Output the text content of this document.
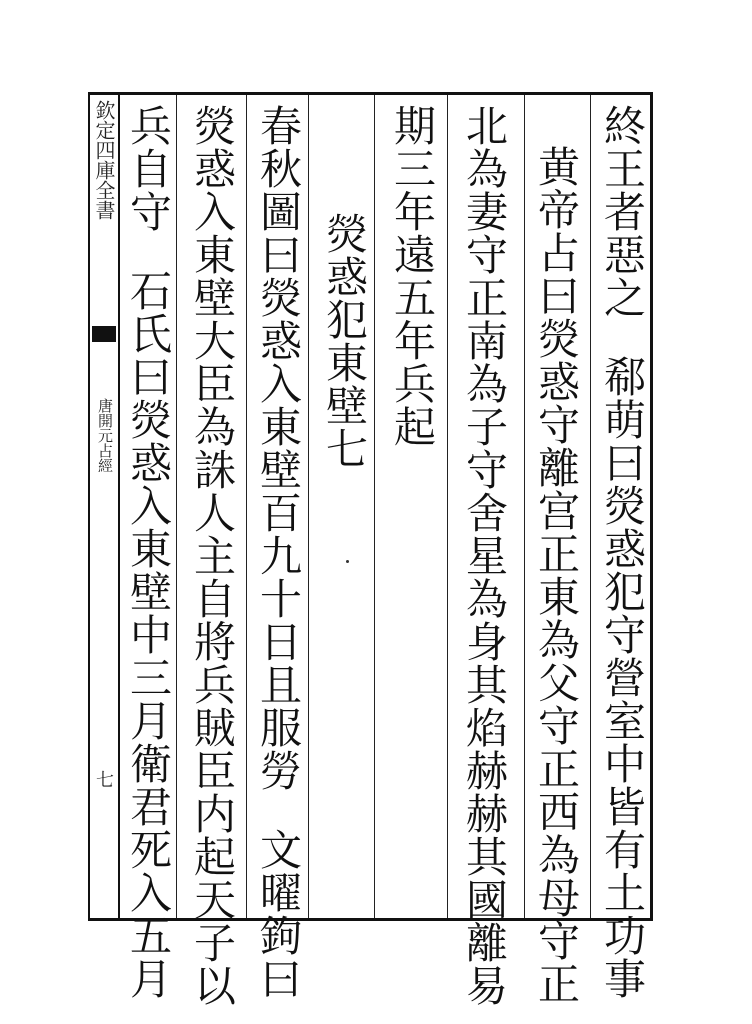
欽定四庫全書
唐開元占經
七
終王者惡之郗萌曰熒惑犯守營室中皆有土功事
黄帝占曰熒惑守離宫正東為父守正西為母守正
北為妻守正南為子守舍星為身其焰赫赫其國離易
期三年遠五年兵起
熒惑犯東壁七
春秋圖曰熒惑入東壁百九十日且服勞文曜鉤曰
熒惑入東壁大臣為誅人主自將兵賊臣内起天子以
兵自守石氏曰熒惑入東壁中三月衛君死入五月
